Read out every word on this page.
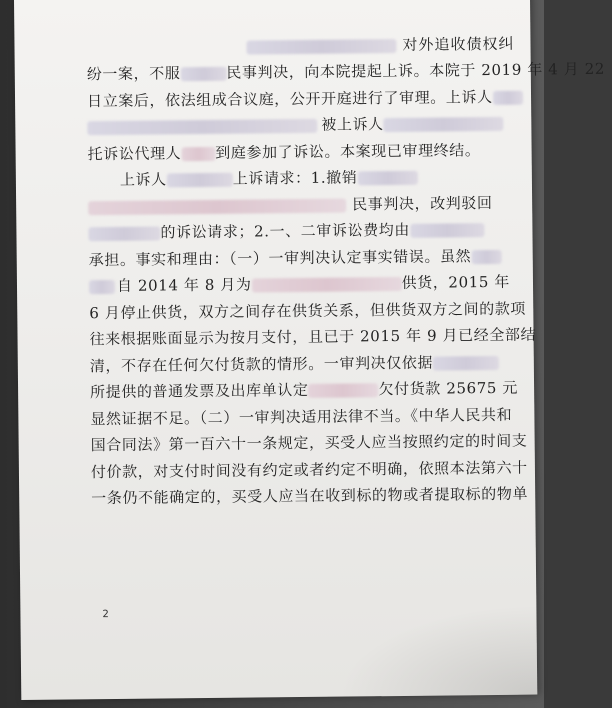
对外追收债权纠
纷一案，不服	民事判决，向本院提起上诉。本院于 2019 年 4 月 22
日立案后，依法组成合议庭，公开开庭进行了审理。上诉人
被上诉人
托诉讼代理人 到庭参加了诉讼。本案现已审理终结。
上诉人	上诉请求：1.撤销
民事判决，改判驳回
的诉讼请求；2.一、二审诉讼费均由
承担。事实和理由：（一）一审判决认定事实错误。虽然
自 2014 年 8 月为	供货，2015 年
6 月停止供货，双方之间存在供货关系，但供货双方之间的款项
往来根据账面显示为按月支付，且已于 2015 年 9 月已经全部结
清，不存在任何欠付货款的情形。一审判决仅依据
所提供的普通发票及出库单认定	欠付货款 25675 元
显然证据不足。（二）一审判决适用法律不当。《中华人民共和
国合同法》第一百六十一条规定，买受人应当按照约定的时间支
付价款，对支付时间没有约定或者约定不明确，依照本法第六十
一条仍不能确定的，买受人应当在收到标的物或者提取标的物单
2
